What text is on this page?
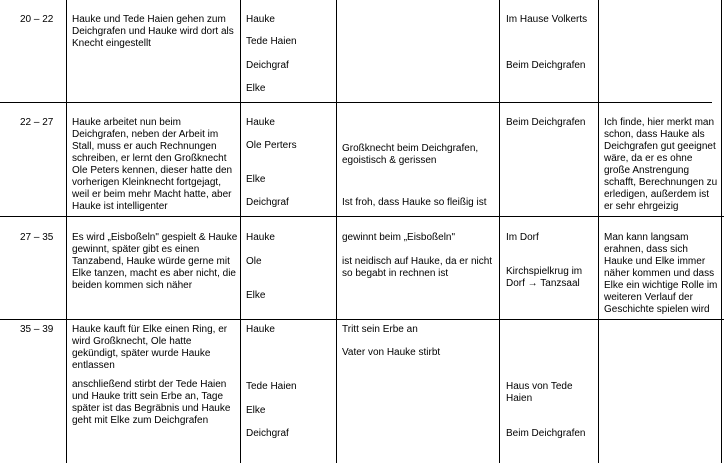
20 – 22 Hauke und Tede Haien gehen zum
Deichgrafen und Hauke wird dort als
Knecht eingestellt
Hauke
Tede Haien
Deichgraf
Elke
Im Hause Volkerts
Beim Deichgrafen
22 – 27 Hauke arbeitet nun beim
Deichgrafen, neben der Arbeit im
Stall, muss er auch Rechnungen
schreiben, er lernt den Großknecht
Ole Peters kennen, dieser hatte den
vorherigen Kleinknecht fortgejagt,
weil er beim mehr Macht hatte, aber
Hauke ist intelligenter
Hauke
Ole Perters
Elke
Deichgraf
Großknecht beim Deichgrafen,
egoistisch & gerissen
Ist froh, dass Hauke so fleißig ist
Beim Deichgrafen Ich finde, hier merkt man
schon, dass Hauke als
Deichgrafen gut geeignet
wäre, da er es ohne
große Anstrengung
schafft, Berechnungen zu
erledigen, außerdem ist
er sehr ehrgeizig
27 – 35 Es wird „Eisboßeln" gespielt & Hauke
gewinnt, später gibt es einen
Tanzabend, Hauke würde gerne mit
Elke tanzen, macht es aber nicht, die
beiden kommen sich näher
Hauke
Ole
Elke
gewinnt beim „Eisboßeln"
ist neidisch auf Hauke, da er nicht
so begabt in rechnen ist
Im Dorf
Kirchspielkrug im
Dorf → Tanzsaal
Man kann langsam
erahnen, dass sich
Hauke und Elke immer
näher kommen und dass
Elke ein wichtige Rolle im
weiteren Verlauf der
Geschichte spielen wird
35 – 39 Hauke kauft für Elke einen Ring, er
wird Großknecht, Ole hatte
gekündigt, später wurde Hauke
entlassen
anschließend stirbt der Tede Haien
und Hauke tritt sein Erbe an, Tage
später ist das Begräbnis und Hauke
geht mit Elke zum Deichgrafen
Hauke
Tede Haien
Elke
Deichgraf
Tritt sein Erbe an
Vater von Hauke stirbt
Haus von Tede
Haien
Beim Deichgrafen
